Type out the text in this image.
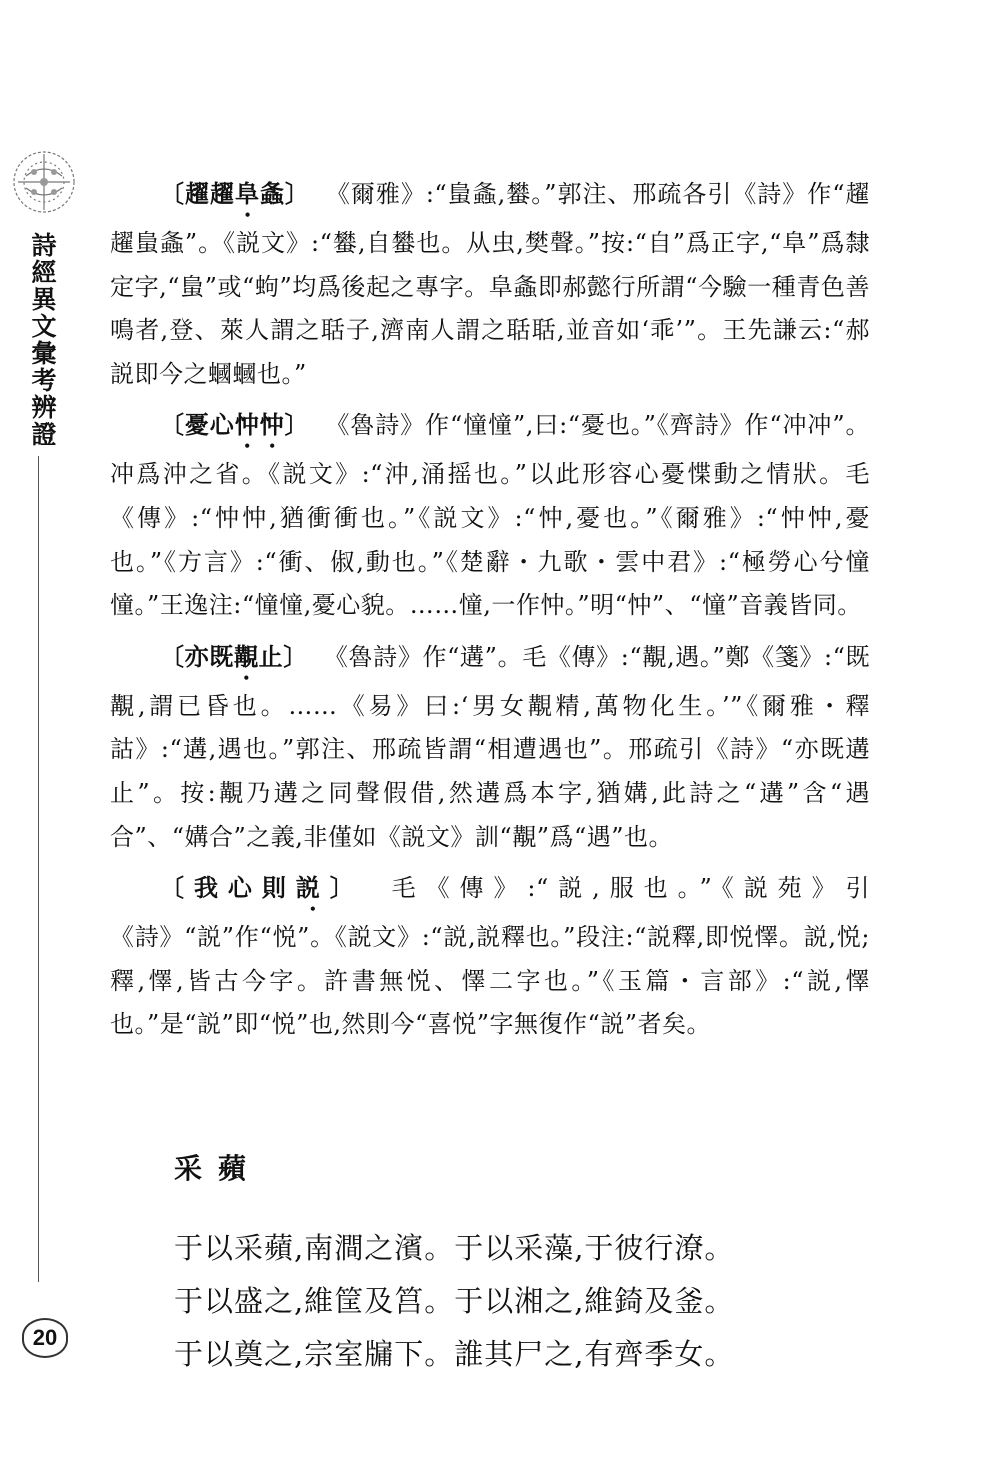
詩經異文彙考辨證
20

〔趯趯阜螽〕 《爾雅》:“蛗螽,蠜。”郭注、邢疏各引《詩》作“趯趯蛗螽”。《説文》:“蠜,自蠜也。从虫,樊聲。”按:“自”爲正字,“阜”爲隸定字,“蛗”或“蚼”均爲後起之專字。阜螽即郝懿行所謂“今驗一種青色善鳴者,登、萊人謂之聒子,濟南人謂之聒聒,並音如‘乖’”。王先謙云:“郝説即今之蟈蟈也。”

〔憂心忡忡〕 《魯詩》作“憧憧”,曰:“憂也。”《齊詩》作“冲冲”。冲爲沖之省。《説文》:“沖,涌摇也。”以此形容心憂惵動之情狀。毛《傳》:“忡忡,猶衝衝也。”《説文》:“忡,憂也。”《爾雅》:“忡忡,憂也。”《方言》:“衝、俶,動也。”《楚辭・九歌・雲中君》:“極勞心兮憧憧。”王逸注:“憧憧,憂心貌。……憧,一作忡。”明“忡”、“憧”音義皆同。

〔亦既覯止〕 《魯詩》作“遘”。毛《傳》:“覯,遇。”鄭《箋》:“既覯,謂已昏也。……《易》曰:‘男女覯精,萬物化生。’”《爾雅・釋詁》:“遘,遇也。”郭注、邢疏皆謂“相遭遇也”。邢疏引《詩》“亦既遘止”。按:覯乃遘之同聲假借,然遘爲本字,猶媾,此詩之“遘”含“遇合”、“媾合”之義,非僅如《説文》訓“覯”爲“遇”也。

〔我心則説〕 毛《傳》:“説,服也。”《説苑》引《詩》“説”作“悦”。《説文》:“説,説釋也。”段注:“説釋,即悦懌。説,悦;釋,懌,皆古今字。許書無悦、懌二字也。”《玉篇・言部》:“説,懌也。”是“説”即“悦”也,然則今“喜悦”字無復作“説”者矣。

采蘋
于以采蘋,南澗之濱。于以采藻,于彼行潦。
于以盛之,維筐及筥。于以湘之,維錡及釜。
于以奠之,宗室牖下。誰其尸之,有齊季女。
